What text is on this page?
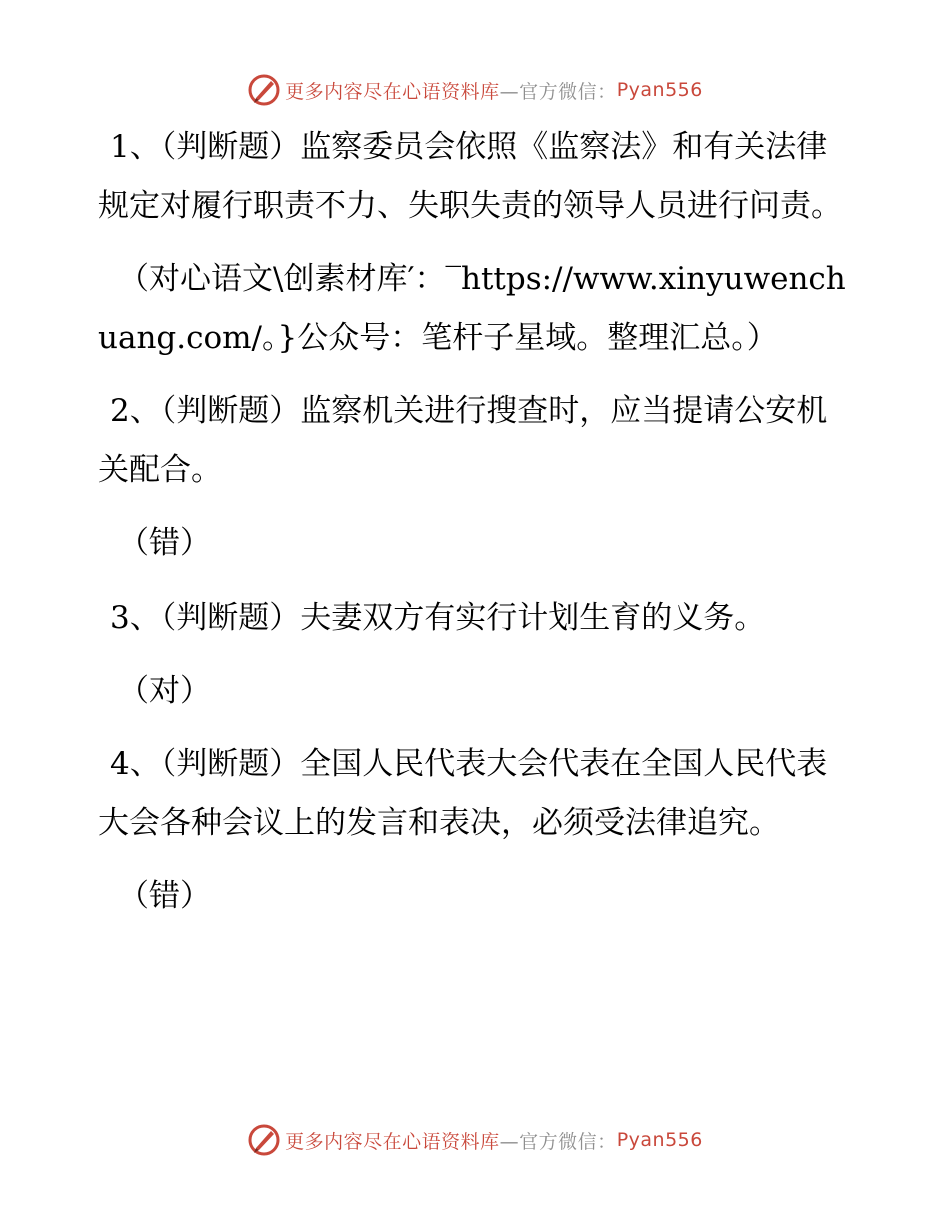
更多内容尽在心语资料库 —官方微信： Pyan556

1、（判断题）监察委员会依照《监察法》和有关法律规定对履行职责不力、失职失责的领导人员进行问责。

（对心语文\创素材库′：‾https://www.xinyuwenchuang.com/。}公众号：笔杆子星域。整理汇总。）

2、（判断题）监察机关进行搜查时，应当提请公安机关配合。

（错）

3、（判断题）夫妻双方有实行计划生育的义务。

（对）

4、（判断题）全国人民代表大会代表在全国人民代表大会各种会议上的发言和表决，必须受法律追究。

（错）

更多内容尽在心语资料库 —官方微信： Pyan556
